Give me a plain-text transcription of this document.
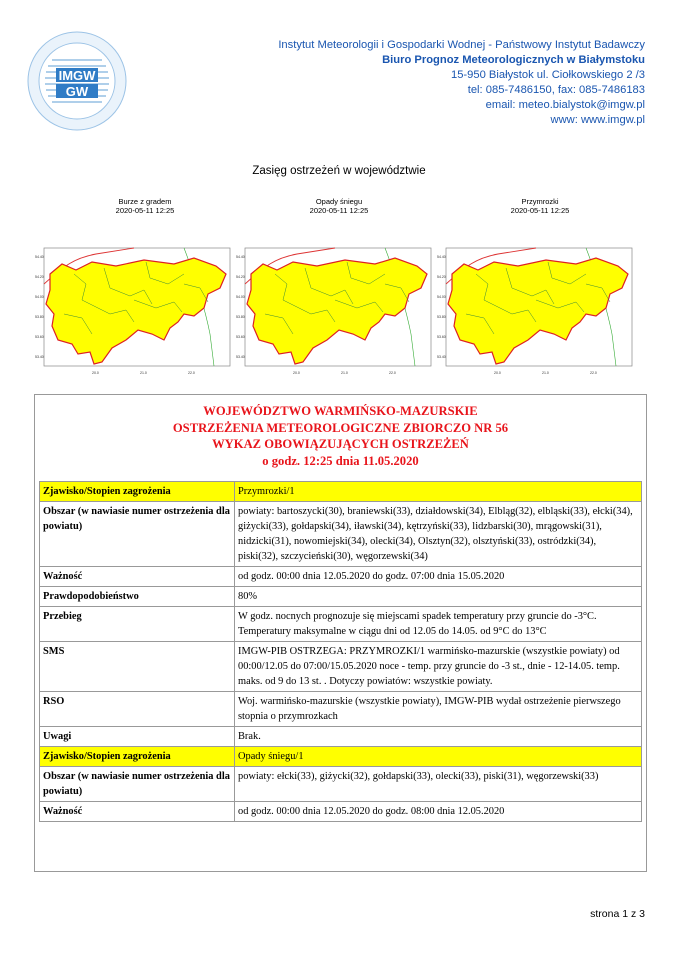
IMGW
GW
Instytut Meteorologii i Gospodarki Wodnej - Państwowy Instytut Badawczy
Biuro Prognoz Meteorologicznych w Białymstoku
15-950 Białystok ul. Ciołkowskiego 2 /3
tel: 085-7486150, fax: 085-7486183
email: meteo.bialystok@imgw.pl
www: www.imgw.pl
Zasięg ostrzeżeń w województwie
Burze z gradem
2020-05-11 12:25
Opady śniegu
2020-05-11 12:25
Przymrozki
2020-05-11 12:25
54.40
54.20
54.00
53.80
53.60
53.40
20.0	21.0	22.0
54.40
54.20
54.00
53.80
53.60
53.40
20.0	21.0	22.0
54.40
54.20
54.00
53.80
53.60
53.40
20.0	21.0	22.0
WOJEWÓDZTWO WARMIŃSKO-MAZURSKIE
OSTRZEŻENIA METEOROLOGICZNE ZBIORCZO NR 56
WYKAZ OBOWIĄZUJĄCYCH OSTRZEŻEŃ
o godz. 12:25 dnia 11.05.2020
Zjawisko/Stopien zagrożenia	Przymrozki/1
Obszar (w nawiasie numer ostrzeżenia dla powiatu)	powiaty: bartoszycki(30), braniewski(33), działdowski(34), Elbląg(32), elbląski(33), ełcki(34), giżycki(33), gołdapski(34), iławski(34), kętrzyński(33), lidzbarski(30), mrągowski(31), nidzicki(31), nowomiejski(34), olecki(34), Olsztyn(32), olsztyński(33), ostródzki(34), piski(32), szczycieński(30), węgorzewski(34)
Ważność	od godz. 00:00 dnia 12.05.2020 do godz. 07:00 dnia 15.05.2020
Prawdopodobieństwo	80%
Przebieg	W godz. nocnych prognozuje się miejscami spadek temperatury przy gruncie do -3°C. Temperatury maksymalne w ciągu dni od 12.05 do 14.05. od 9°C do 13°C
SMS	IMGW-PIB OSTRZEGA: PRZYMROZKI/1 warmińsko-mazurskie (wszystkie powiaty) od 00:00/12.05 do 07:00/15.05.2020 noce - temp. przy gruncie do -3 st., dnie - 12-14.05. temp. maks. od 9 do 13 st. . Dotyczy powiatów: wszystkie powiaty.
RSO	Woj. warmińsko-mazurskie (wszystkie powiaty), IMGW-PIB wydał ostrzeżenie pierwszego stopnia o przymrozkach
Uwagi	Brak.
Zjawisko/Stopien zagrożenia	Opady śniegu/1
Obszar (w nawiasie numer ostrzeżenia dla powiatu)	powiaty: ełcki(33), giżycki(32), gołdapski(33), olecki(33), piski(31), węgorzewski(33)
Ważność	od godz. 00:00 dnia 12.05.2020 do godz. 08:00 dnia 12.05.2020
strona 1 z 3
